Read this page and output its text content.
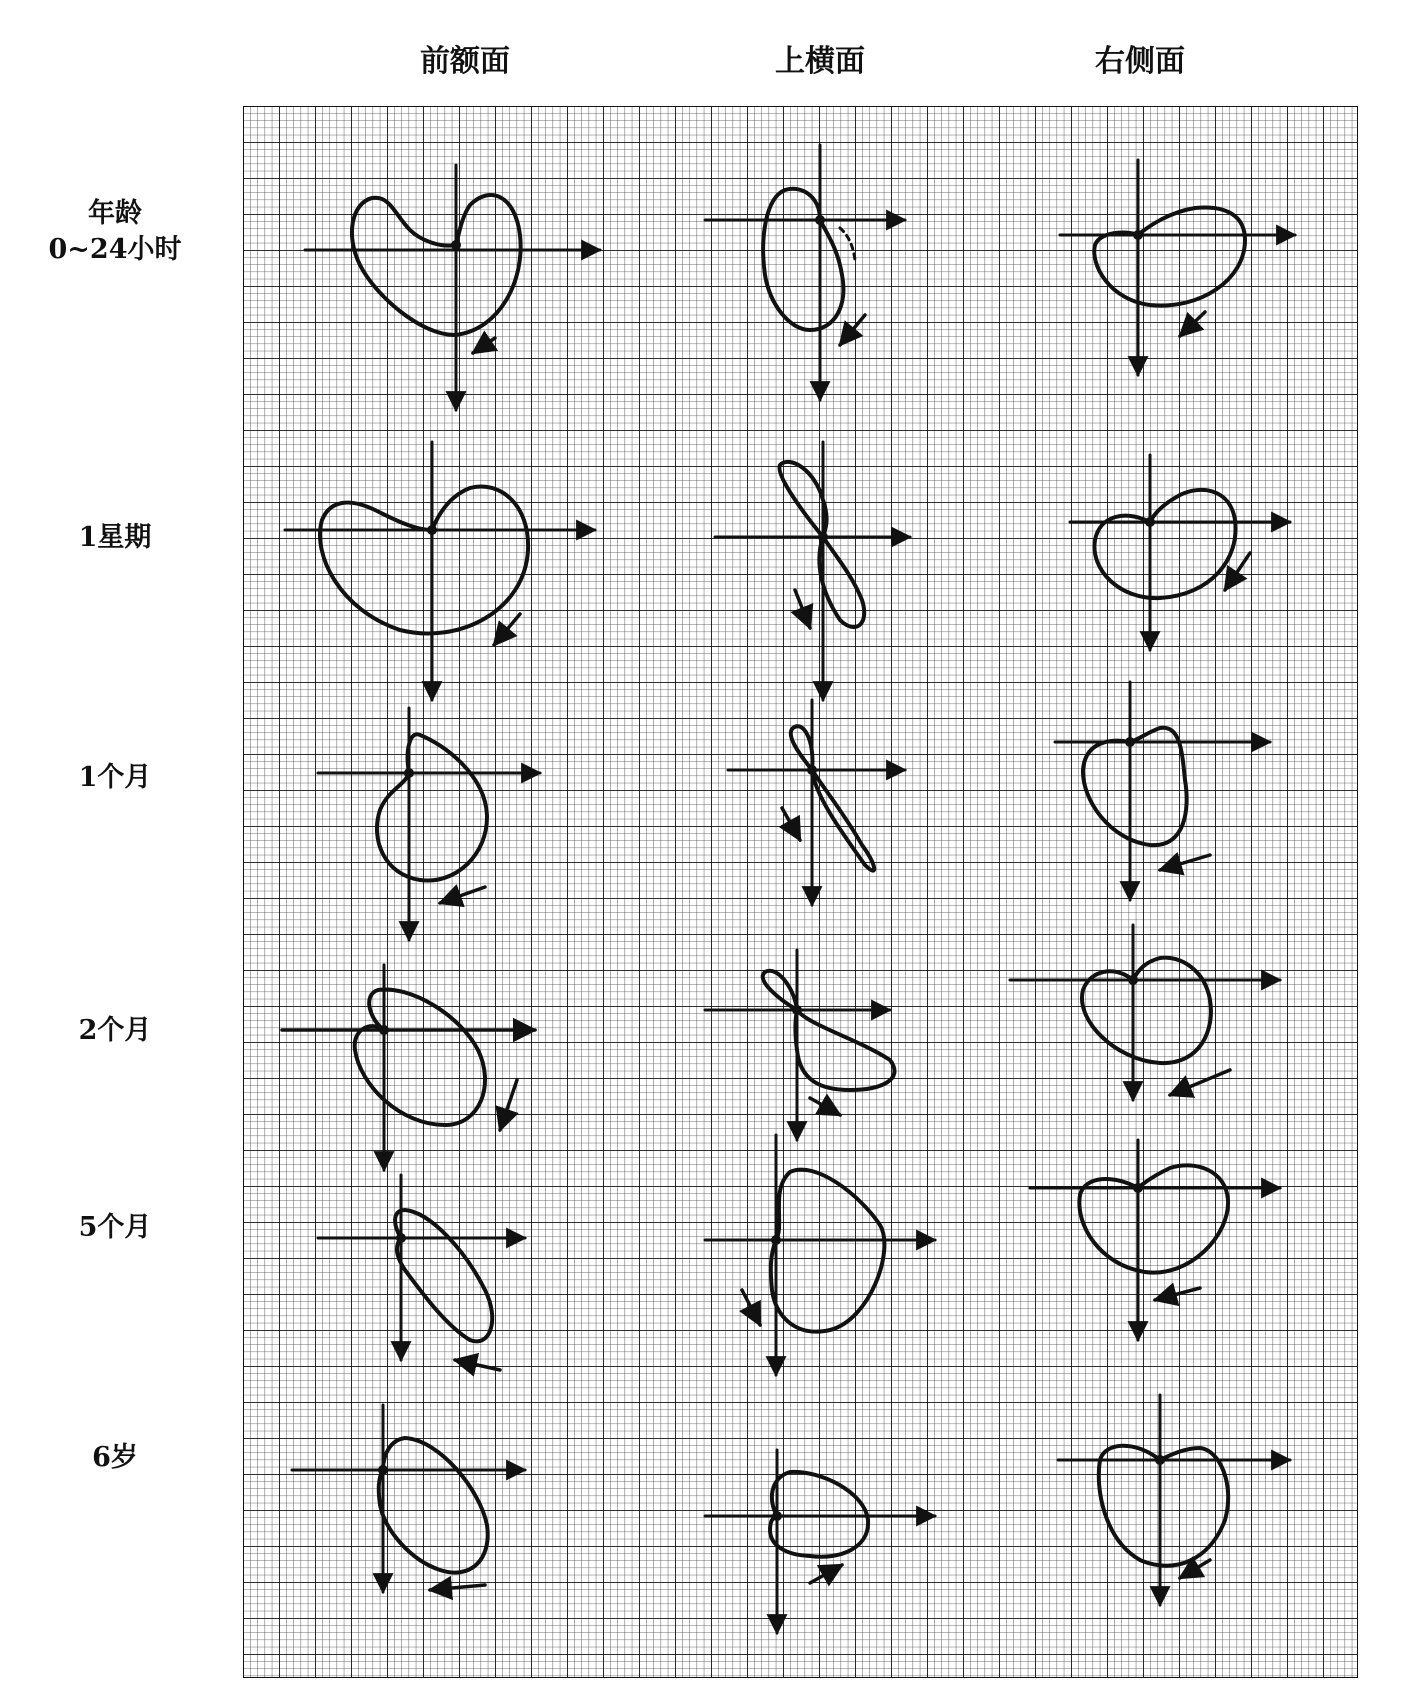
前额面	上横面	右侧面
年龄
0~24小时
1星期
1个月
2个月
5个月
6岁
